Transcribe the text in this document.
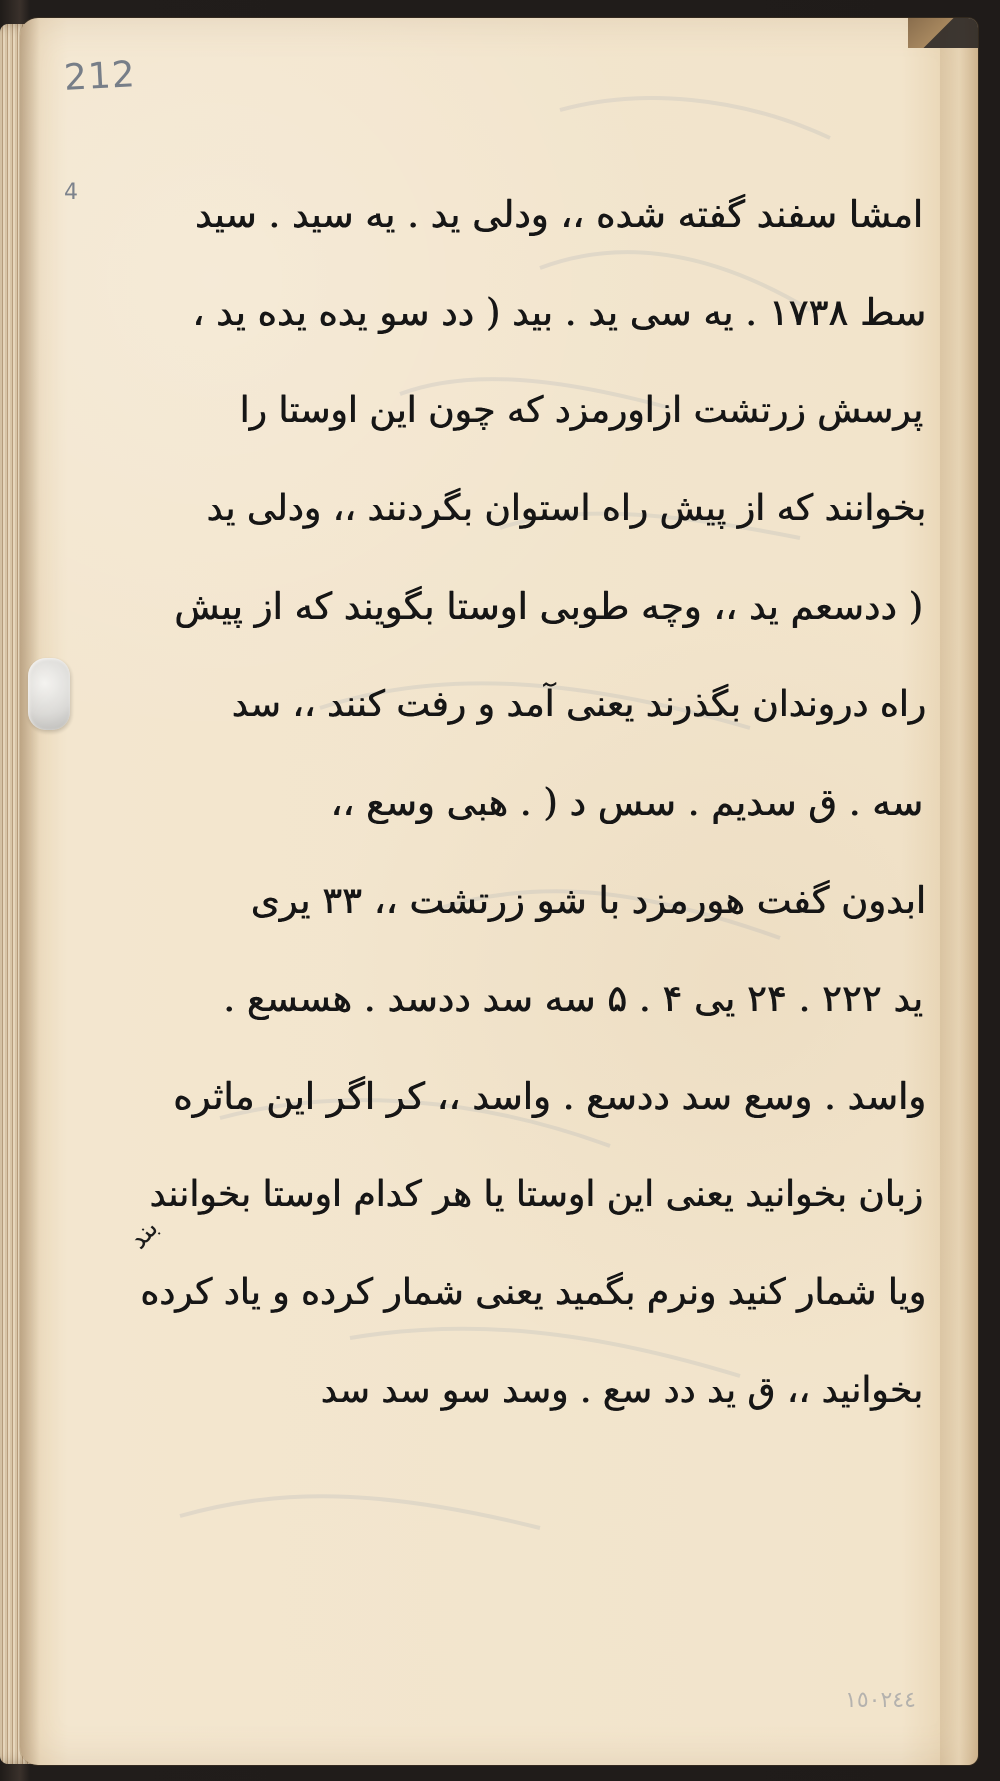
212
4
امشا سفند گفته شده ،، ودلی ید . یه سید . سید
سط ۱۷۳۸ . یه سی ید . بید ( دد سو یده یده ید ،
پرسش زرتشت ازاورمزد که چون این اوستا را
بخوانند که از پیش راه استوان بگردنند ،، ودلی ید
( ددسعم ید ،، وچه طوبی اوستا بگویند که از پیش
راه دروندان بگذرند یعنی آمد و رفت کنند ،، سد
سه . ق سدیم . سس د ( . هبی وسع ،،
ابدون گفت هورمزد با شو زرتشت ،، ۳۳ یری
ید ۲۲۲ . ۲۴ یی ۴ . ۵ سه سد ددسد . هسسع .
واسد . وسع سد ددسع . واسد ،، کر اگر این ماثره
زبان بخوانید یعنی این اوستا یا هر کدام اوستا بخوانند
ویا شمار کنید ونرم بگمید یعنی شمار کرده و یاد کرده
بخوانید ،، ق ید دد سع . وسد سو سد سد
بند
۱٥٠۲٤٤
